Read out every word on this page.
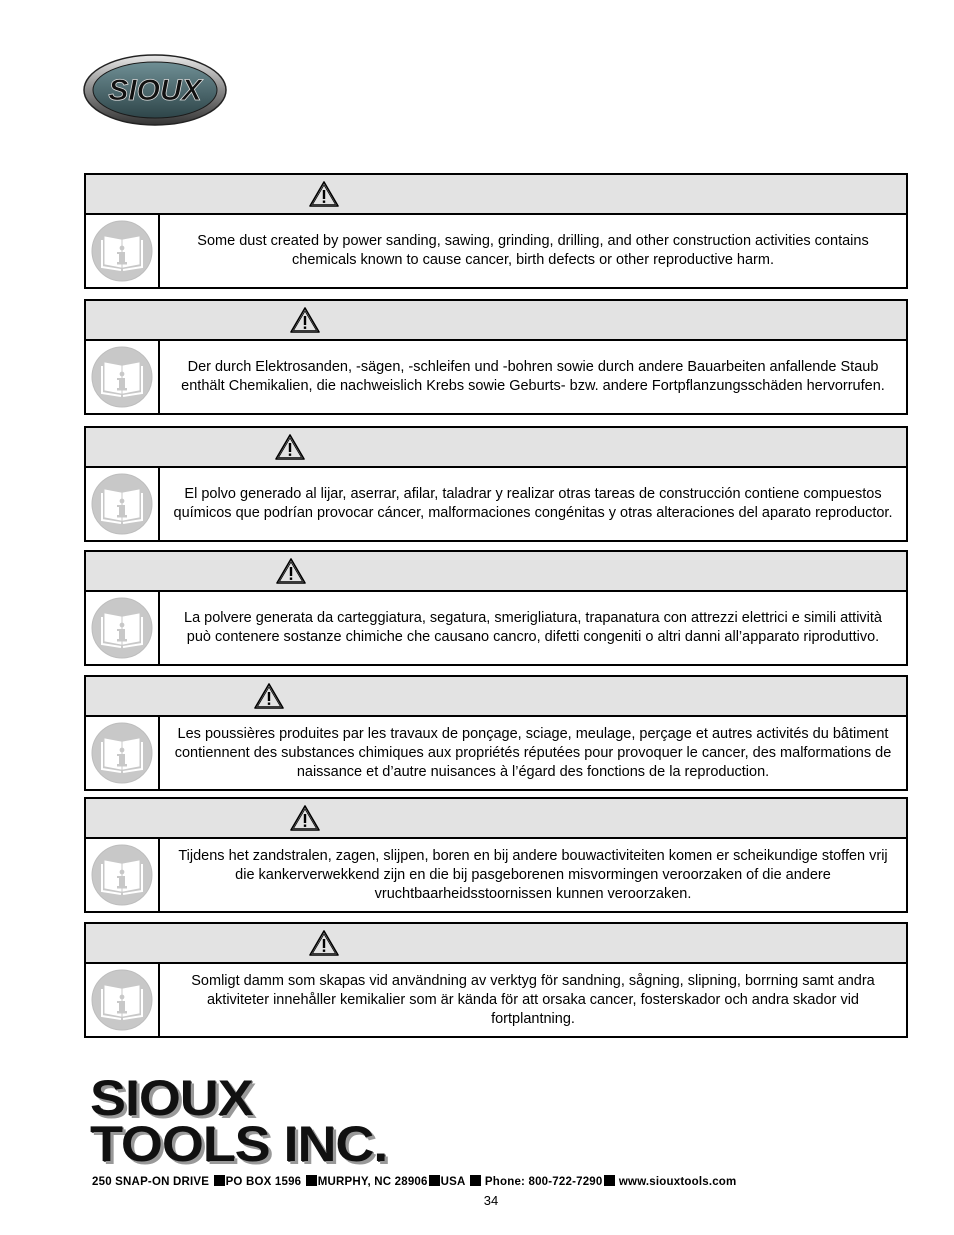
SIOUX
Some dust created by power sanding, sawing, grinding, drilling, and other construction activities contains chemicals known to cause cancer, birth defects or other reproductive harm.
Der durch Elektrosanden, -sägen, -schleifen und -bohren sowie durch andere Bauarbeiten anfallende Staub enthält Chemikalien, die nachweislich Krebs sowie Geburts- bzw. andere Fortpflanzungsschäden hervorrufen.
El polvo generado al lijar, aserrar, afilar, taladrar y realizar otras tareas de construcción contiene compuestos químicos que podrían provocar cáncer, malformaciones congénitas y otras alteraciones del aparato reproductor.
La polvere generata da carteggiatura, segatura, smerigliatura, trapanatura con attrezzi elettrici e simili attività può contenere sostanze chimiche che causano cancro, difetti congeniti o altri danni all’apparato riproduttivo.
Les poussières produites par les travaux de ponçage, sciage, meulage, perçage et autres activités du bâtiment contiennent des substances chimiques aux propriétés réputées pour provoquer le cancer, des malformations de naissance et d’autre nuisances à l’égard des fonctions de la reproduction.
Tijdens het zandstralen, zagen, slijpen, boren en bij andere bouwactiviteiten komen er scheikundige stoffen vrij die kankerverwekkend zijn en die bij pasgeborenen misvormingen veroorzaken of die andere vruchtbaarheidsstoornissen kunnen veroorzaken.
Somligt damm som skapas vid användning av verktyg för sandning, sågning, slipning, borrning samt andra aktiviteter innehåller kemikalier som är kända för att orsaka cancer, fosterskador och andra skador vid fortplantning.
SIOUX
TOOLS INC.
250 SNAP-ON DRIVE PO BOX 1596 MURPHY, NC 28906 USA Phone: 800-722-7290 www.siouxtools.com
34
